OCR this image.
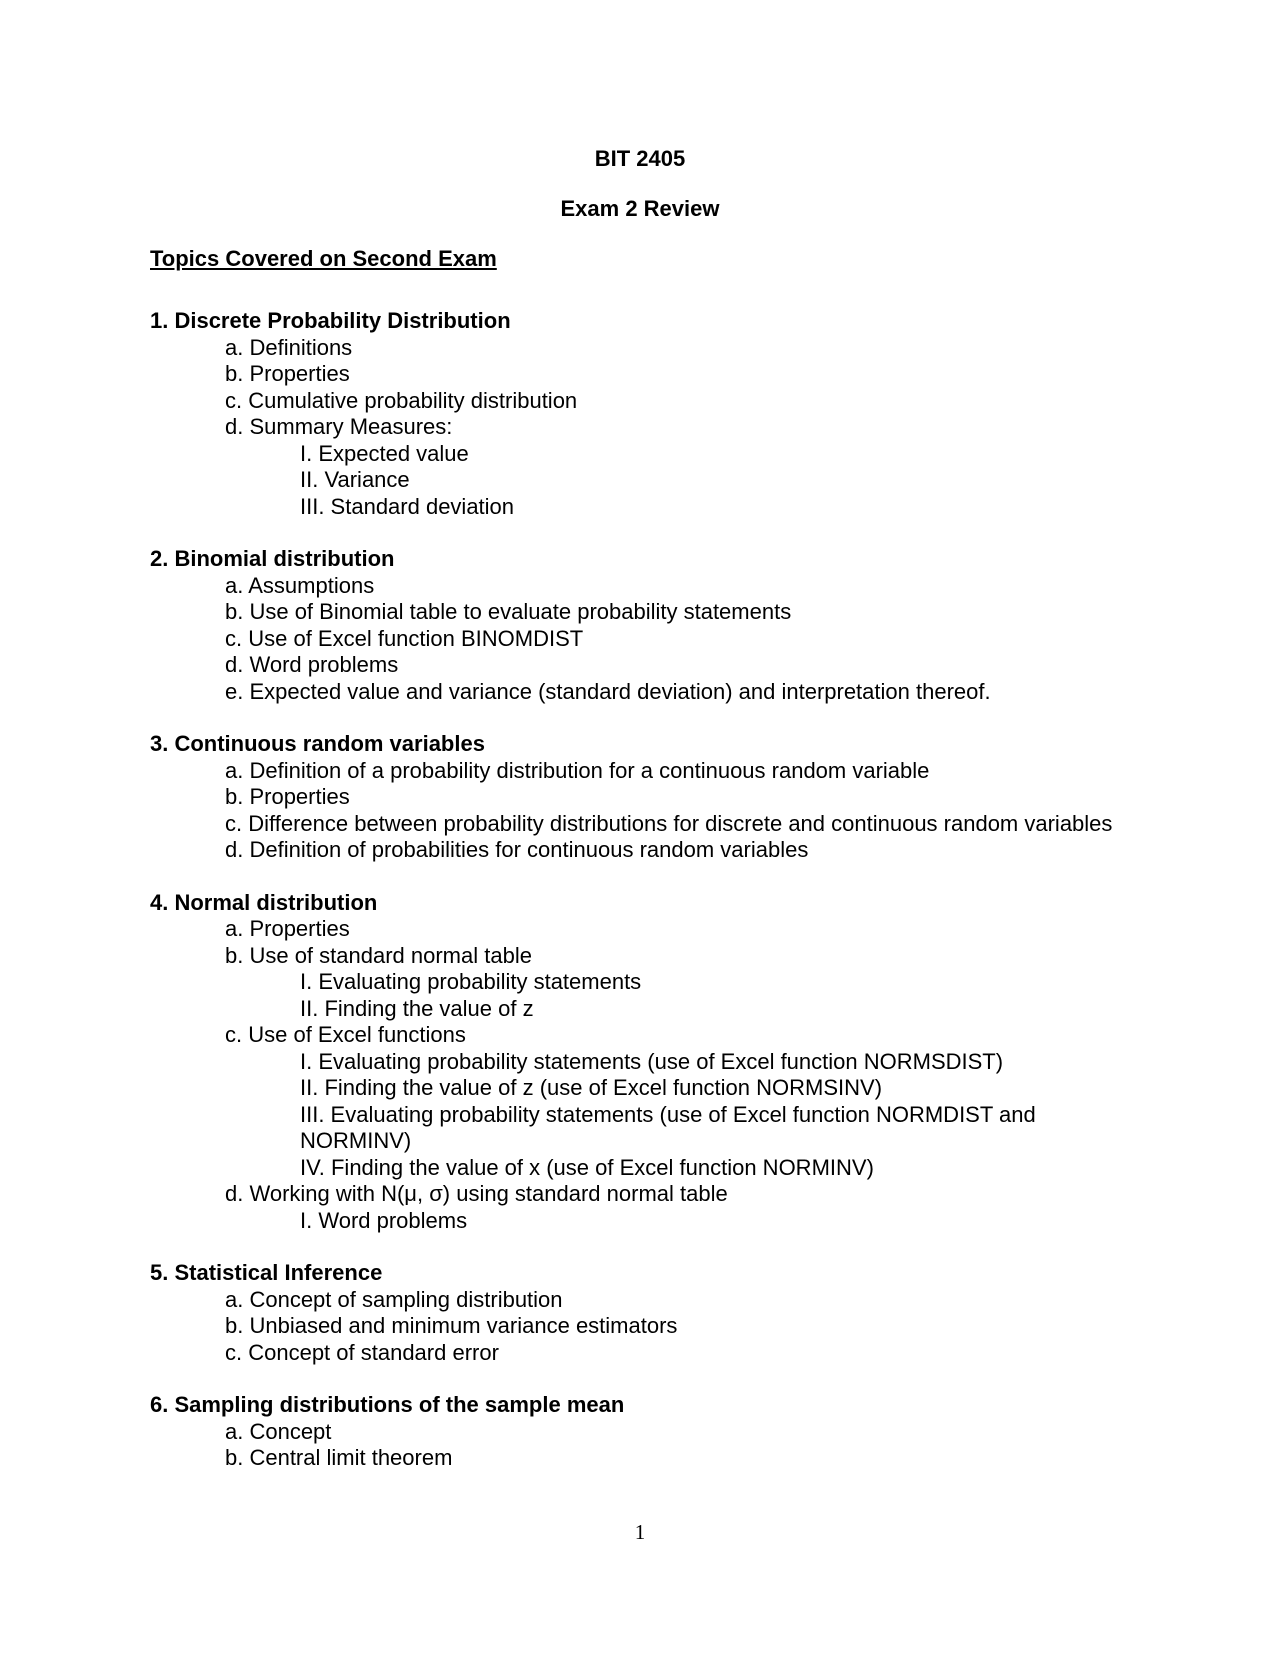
BIT 2405
Exam 2 Review
Topics Covered on Second Exam
1. Discrete Probability Distribution
a. Definitions
b. Properties
c. Cumulative probability distribution
d. Summary Measures:
I. Expected value
II. Variance
III. Standard deviation
2. Binomial distribution
a. Assumptions
b. Use of Binomial table to evaluate probability statements
c. Use of Excel function BINOMDIST
d. Word problems
e. Expected value and variance (standard deviation) and interpretation thereof.
3. Continuous random variables
a. Definition of a probability distribution for a continuous random variable
b. Properties
c. Difference between probability distributions for discrete and continuous random variables
d. Definition of probabilities for continuous random variables
4. Normal distribution
a. Properties
b. Use of standard normal table
I. Evaluating probability statements
II. Finding the value of z
c. Use of Excel functions
I. Evaluating probability statements (use of Excel function NORMSDIST)
II. Finding the value of z (use of Excel function NORMSINV)
III. Evaluating probability statements (use of Excel function NORMDIST and NORMINV)
IV. Finding the value of x (use of Excel function NORMINV)
d. Working with N(μ, σ) using standard normal table
I. Word problems
5. Statistical Inference
a. Concept of sampling distribution
b. Unbiased and minimum variance estimators
c. Concept of standard error
6. Sampling distributions of the sample mean
a. Concept
b. Central limit theorem
1
